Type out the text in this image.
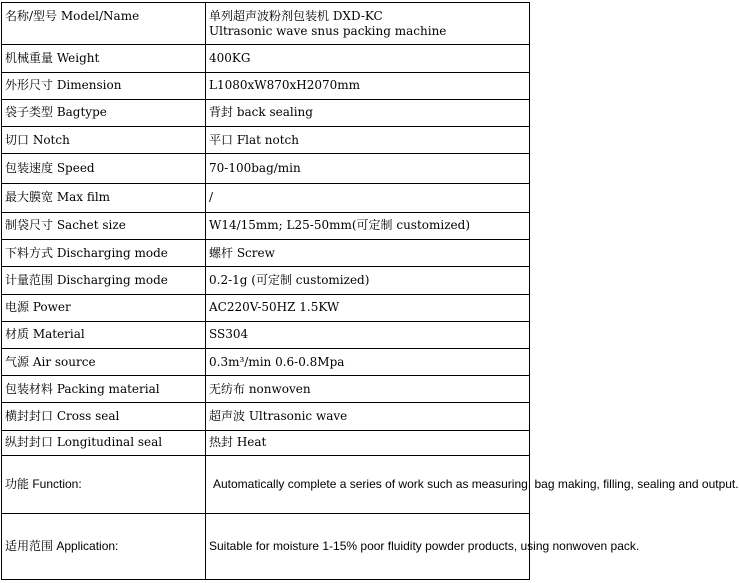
名称/型号 Model/Name	单列超声波粉剂包装机 DXD-KC
Ultrasonic wave snus packing machine
机械重量 Weight	400KG
外形尺寸 Dimension	L1080xW870xH2070mm
袋子类型 Bagtype	背封 back sealing
切口 Notch	平口 Flat notch
包装速度 Speed	70-100bag/min
最大膜宽 Max film	/
制袋尺寸 Sachet size	W14/15mm; L25-50mm(可定制 customized)
下料方式 Discharging mode	螺杆 Screw
计量范围 Discharging mode	0.2-1g (可定制 customized)
电源 Power	AC220V-50HZ 1.5KW
材质 Material	SS304
气源 Air source	0.3m³/min 0.6-0.8Mpa
包装材料 Packing material	无纺布 nonwoven
横封封口 Cross seal	超声波 Ultrasonic wave
纵封封口 Longitudinal seal	热封 Heat
功能 Function:	Automatically complete a series of work such as measuring, bag making, filling, sealing and output.

适用范围 Application:	Suitable for moisture 1-15% poor fluidity powder products, using nonwoven pack.
